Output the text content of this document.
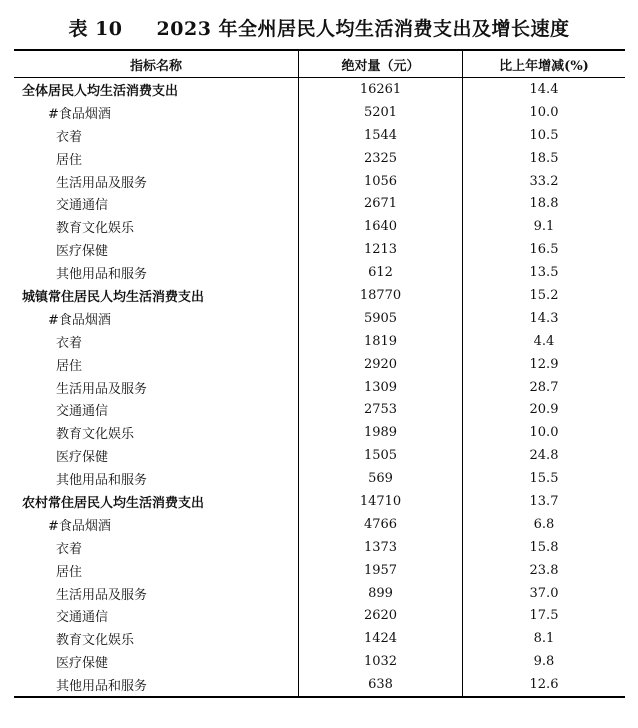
表 10 2023 年全州居民人均生活消费支出及增长速度
指标名称	绝对量（元）	比上年增减(%)
全体居民人均生活消费支出	16261	14.4
#食品烟酒	5201	10.0
衣着	1544	10.5
居住	2325	18.5
生活用品及服务	1056	33.2
交通通信	2671	18.8
教育文化娱乐	1640	9.1
医疗保健	1213	16.5
其他用品和服务	612	13.5
城镇常住居民人均生活消费支出	18770	15.2
#食品烟酒	5905	14.3
衣着	1819	4.4
居住	2920	12.9
生活用品及服务	1309	28.7
交通通信	2753	20.9
教育文化娱乐	1989	10.0
医疗保健	1505	24.8
其他用品和服务	569	15.5
农村常住居民人均生活消费支出	14710	13.7
#食品烟酒	4766	6.8
衣着	1373	15.8
居住	1957	23.8
生活用品及服务	899	37.0
交通通信	2620	17.5
教育文化娱乐	1424	8.1
医疗保健	1032	9.8
其他用品和服务	638	12.6
